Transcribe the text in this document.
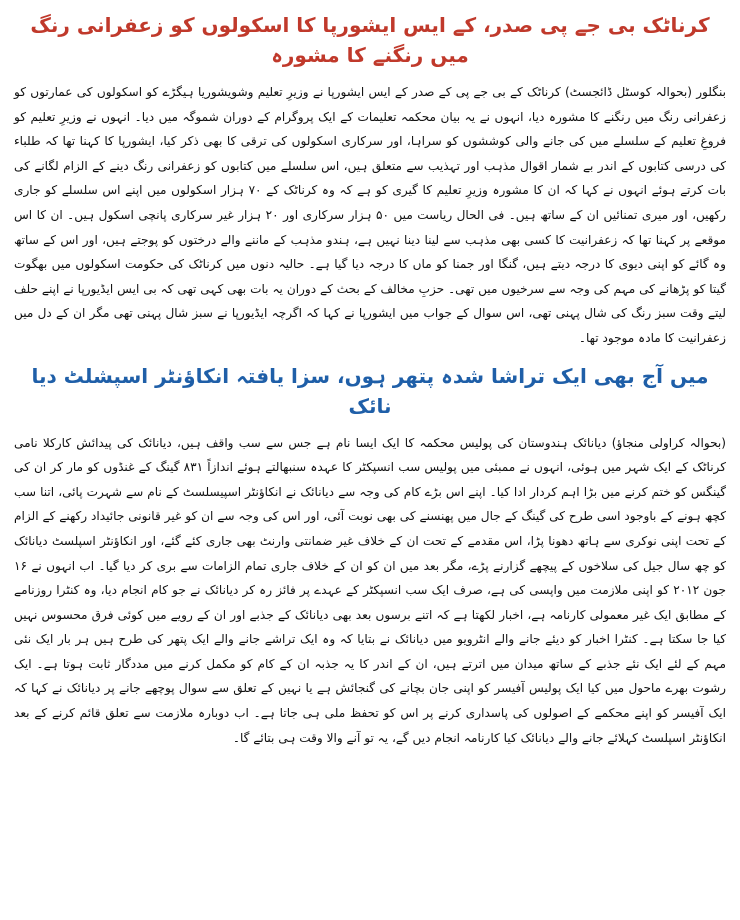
کرناٹک بی جے پی صدر، کے ایس ایشورپا کا اسکولوں کو زعفرانی رنگ میں رنگنے کا مشورہ

بنگلور (بحوالہ کوسٹل ڈائجسٹ) کرناٹک کے بی جے پی کے صدر کے ایس ایشورپا نے وزیرِ تعلیم وشویشوریا ہیگڑے کو اسکولوں کی عمارتوں کو زعفرانی رنگ میں رنگنے کا مشورہ دیا، انہوں نے یہ بیان محکمہ تعلیمات کے ایک پروگرام کے دوران شموگہ میں دیا۔ انہوں نے وزیرِ تعلیم کو فروغِ تعلیم کے سلسلے میں کی جانے والی کوششوں کو سراہا، اور سرکاری اسکولوں کی ترقی کا بھی ذکر کیا، ایشورپا کا کہنا تھا کہ طلباء کی درسی کتابوں کے اندر بے شمار اقوال مذہب اور تہذیب سے متعلق ہیں، اس سلسلے میں کتابوں کو زعفرانی رنگ دینے کے الزام لگانے کی بات کرتے ہوئے انہوں نے کہا کہ ان کا مشورہ وزیرِ تعلیم کا گیری کو ہے کہ وہ کرناٹک کے ۷۰ ہزار اسکولوں میں اپنے اس سلسلے کو جاری رکھیں، اور میری تمنائیں ان کے ساتھ ہیں۔ فی الحال ریاست میں ۵۰ ہزار سرکاری اور ۲۰ ہزار غیر سرکاری پانچی اسکول ہیں۔ ان کا اس موقعے پر کہنا تھا کہ زعفرانیت کا کسی بھی مذہب سے لینا دینا نہیں ہے، ہندو مذہب کے ماننے والے درختوں کو پوجتے ہیں، اور اس کے ساتھ وہ گائے کو اپنی دیوی کا درجہ دیتے ہیں، گنگا اور جمنا کو ماں کا درجہ دیا گیا ہے۔ حالیہ دنوں میں کرناٹک کی حکومت اسکولوں میں بھگوت گیتا کو پڑھانے کی مہم کی وجہ سے سرخیوں میں تھی۔ حزبِ مخالف کے بحث کے دوران یہ بات بھی کہی تھی کہ بی ایس ایڈیورپا نے اپنے حلف لیتے وقت سبز رنگ کی شال پہنی تھی، اس سوال کے جواب میں ایشورپا نے کہا کہ اگرچہ ایڈیورپا نے سبز شال پہنی تھی مگر ان کے دل میں زعفرانیت کا مادہ موجود تھا۔

میں آج بھی ایک تراشا شدہ پتھر ہوں، سزا یافتہ انکاؤنٹر اسپشلٹ دیا نائک

(بحوالہ کراولی منجاؤ) دیانائک ہندوستان کی پولیس محکمہ کا ایک ایسا نام ہے جس سے سب واقف ہیں، دیانائک کی پیدائش کارکلا نامی کرناٹک کے ایک شہر میں ہوئی، انہوں نے ممبئی میں پولیس سب انسپکٹر کا عہدہ سنبھالتے ہوئے اندازاً ۸۳۱ گینگ کے غنڈوں کو مار کر ان کی گینگس کو ختم کرنے میں بڑا اہم کردار ادا کیا۔ اپنے اس بڑے کام کی وجہ سے دیانائک نے انکاؤنٹر اسپیسلسٹ کے نام سے شہرت پائی، اتنا سب کچھ ہونے کے باوجود اسی طرح کی گینگ کے جال میں پھنسنے کی بھی نوبت آئی، اور اس کی وجہ سے ان کو غیر قانونی جائیداد رکھنے کے الزام کے تحت اپنی نوکری سے ہاتھ دھونا پڑا، اس مقدمے کے تحت ان کے خلاف غیر ضمانتی وارنٹ بھی جاری کئے گئے، اور انکاؤنٹر اسپلسٹ دیانائک کو چھ سال جیل کی سلاخوں کے پیچھے گزارنے پڑے، مگر بعد میں ان کو ان کے خلاف جاری تمام الزامات سے بری کر دیا گیا۔ اب انہوں نے ۱۶ جون ۲۰۱۲ کو اپنی ملازمت میں واپسی کی ہے، صرف ایک سب انسپکٹر کے عہدے پر فائز رہ کر دیانائک نے جو کام انجام دیا، وہ کنٹرا روزنامے کے مطابق ایک غیر معمولی کارنامہ ہے، اخبار لکھتا ہے کہ اتنے برسوں بعد بھی دیانائک کے جذبے اور ان کے رویے میں کوئی فرق محسوس نہیں کیا جا سکتا ہے۔ کنٹرا اخبار کو دیئے جانے والے انٹرویو میں دیانائک نے بتایا کہ وہ ایک تراشے جانے والے ایک پتھر کی طرح ہیں ہر بار ایک نئی مہم کے لئے ایک نئے جذبے کے ساتھ میدان میں اترتے ہیں، ان کے اندر کا یہ جذبہ ان کے کام کو مکمل کرنے میں مددگار ثابت ہوتا ہے۔ ایک رشوت بھرے ماحول میں کیا ایک پولیس آفیسر کو اپنی جان بچانے کی گنجائش ہے یا نہیں کے تعلق سے سوال پوچھے جانے پر دیانائک نے کہا کہ ایک آفیسر کو اپنے محکمے کے اصولوں کی پاسداری کرنے پر اس کو تحفظ ملی ہی جاتا ہے۔ اب دوبارہ ملازمت سے تعلق قائم کرنے کے بعد انکاؤنٹر اسپلسٹ کہلائے جانے والے دیانائک کیا کارنامہ انجام دیں گے، یہ تو آنے والا وقت ہی بتائے گا۔
